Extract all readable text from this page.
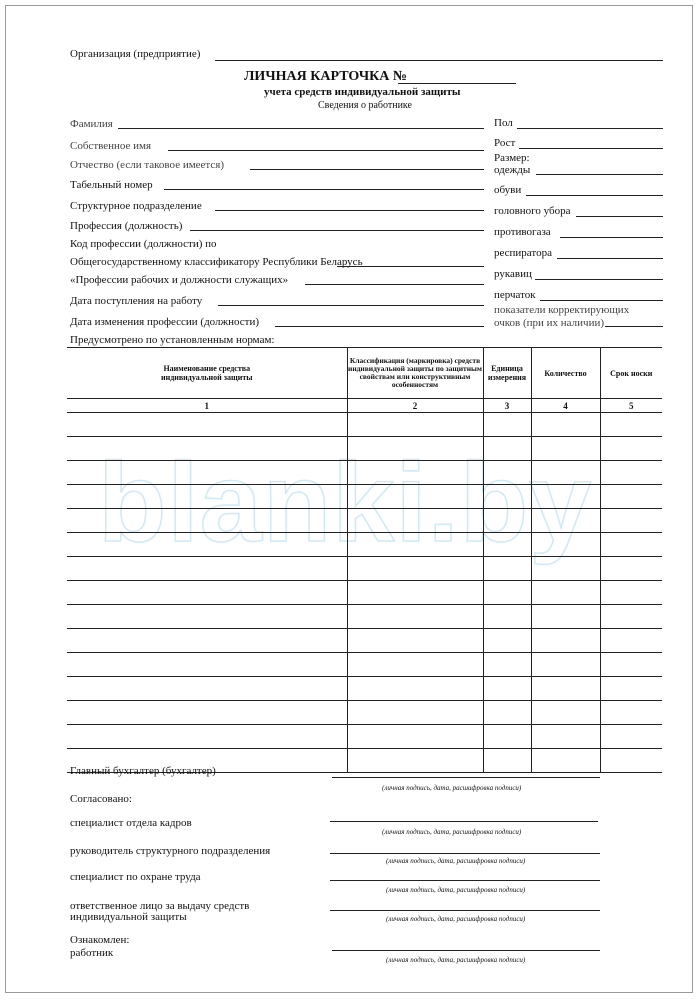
blanki.by
Организация (предприятие)
ЛИЧНАЯ КАРТОЧКА №
учета средств индивидуальной защиты
Сведения о работнике
Фамилия
Собственное имя
Отчество (если таковое имеется)
Табельный номер
Структурное подразделение
Профессия (должность)
Код профессии (должности) по
Общегосударственному классификатору Республики Беларусь
«Профессии рабочих и должности служащих»
Дата поступления на работу
Дата изменения профессии (должности)
Предусмотрено по установленным нормам:
Пол
Рост
Размер:
одежды
обуви
головного убора
противогаза
респиратора
рукавиц
перчаток
показатели корректирующих
очков (при их наличии)
Наименование средства индивидуальной защиты	Классификация (маркировка) средств индивидуальной защиты по защитным свойствам или конструктивным особенностям	Единица измерения	Количество	Срок носки
1	2	3	4	5

Главный бухгалтер (бухгалтер)
(личная подпись, дата, расшифровка подписи)
Согласовано:
специалист отдела кадров
(личная подпись, дата, расшифровка подписи)
руководитель структурного подразделения
(личная подпись, дата, расшифровка подписи)
специалист по охране труда
(личная подпись, дата, расшифровка подписи)
ответственное лицо за выдачу средств
индивидуальной защиты	(личная подпись, дата, расшифровка подписи)
Ознакомлен:
работник
(личная подпись, дата, расшифровка подписи)
